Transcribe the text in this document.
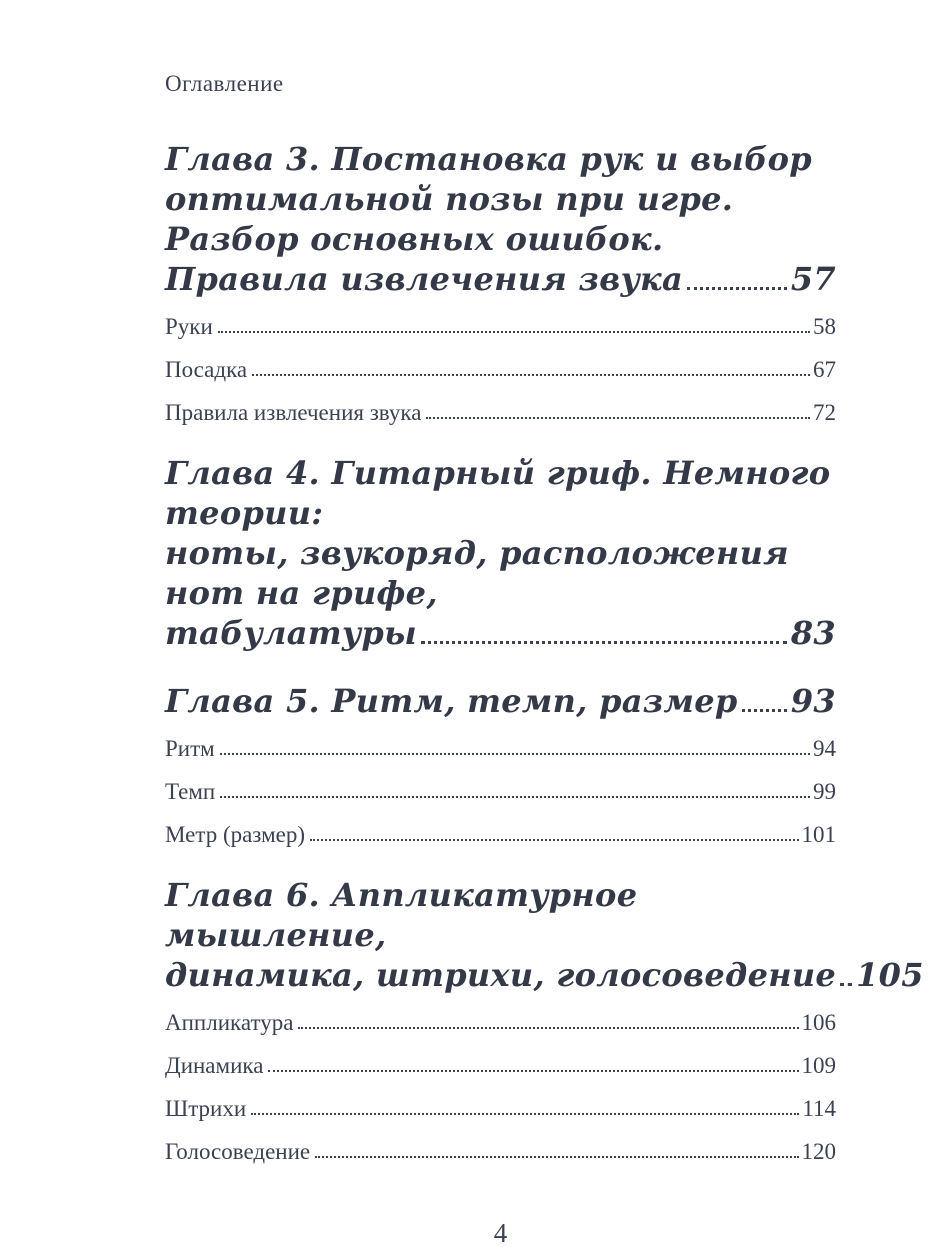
Оглавление
Глава 3. Постановка рук и выбор
оптимальной позы при игре.
Разбор основных ошибок.
Правила извлечения звука	57
Руки	58
Посадка	67
Правила извлечения звука	72
Глава 4. Гитарный гриф. Немного теории:
ноты, звукоряд, расположения нот на грифе,
табулатуры	83
Глава 5. Ритм, темп, размер 93
Ритм	94
Темп	99
Метр (размер)	101
Глава 6. Аппликатурное мышление,
динамика, штрихи, голосоведение 105
Аппликатура	106
Динамика	109
Штрихи	114
Голосоведение	120
4
